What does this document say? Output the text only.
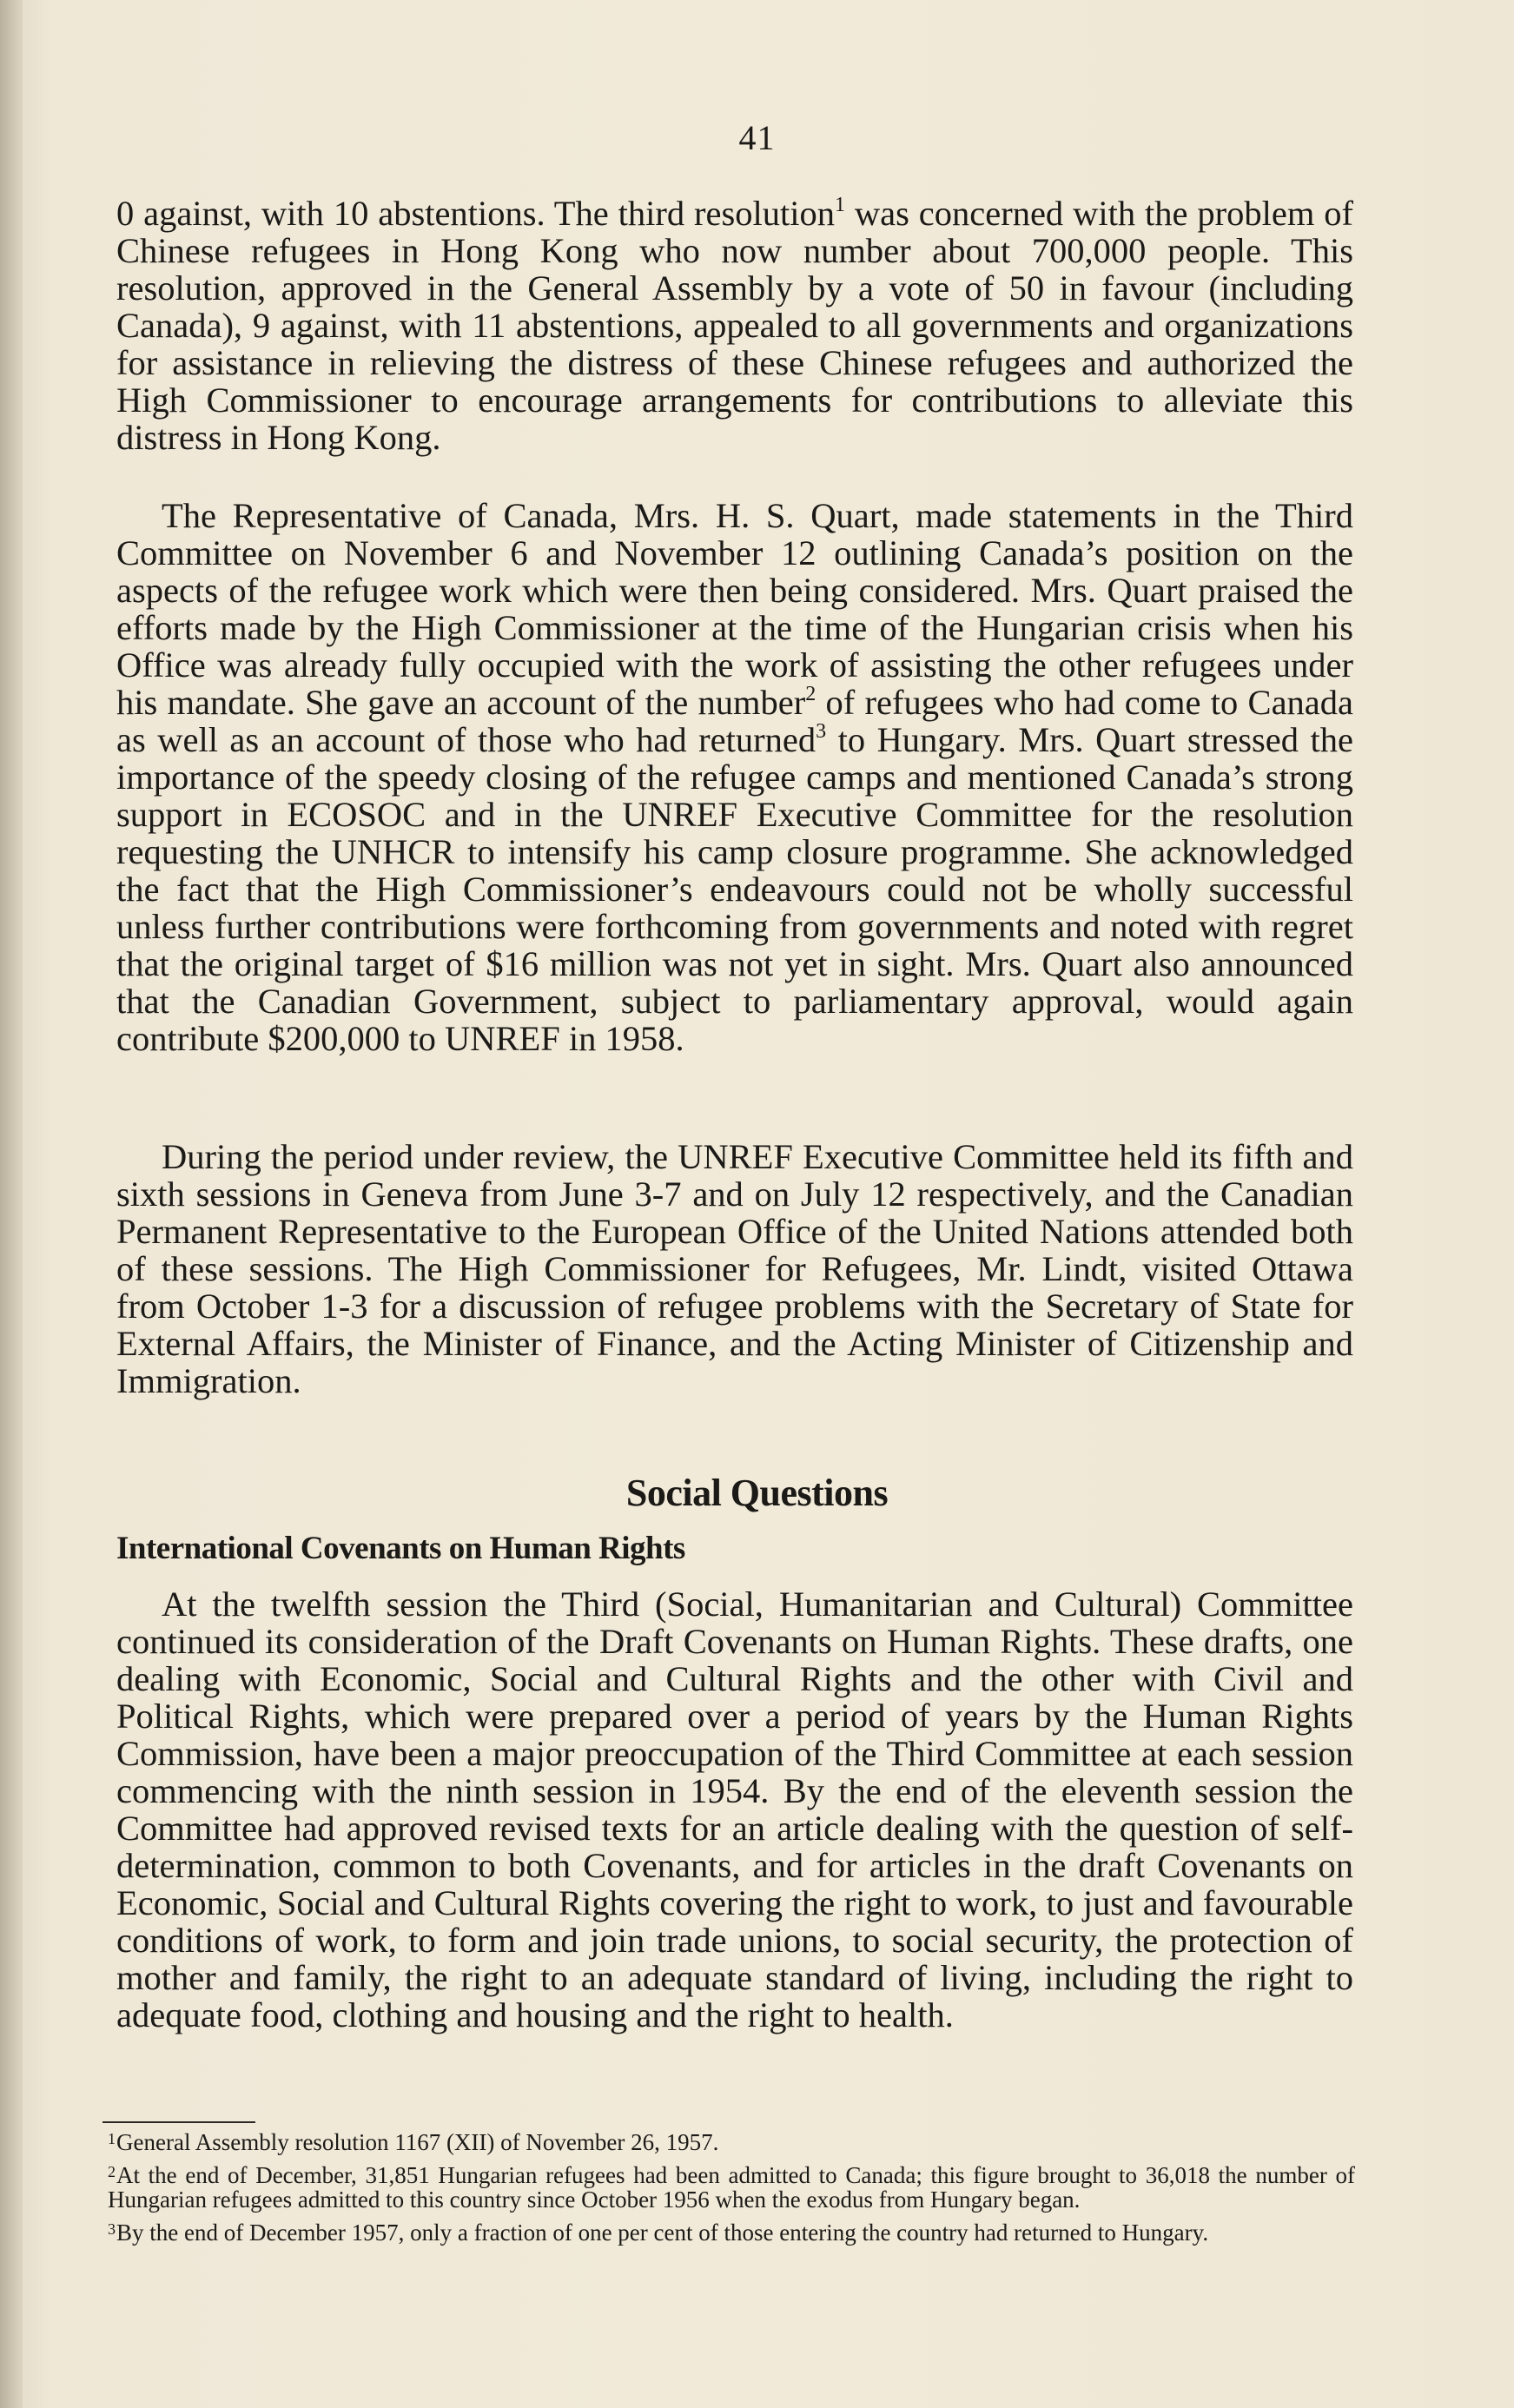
41

0 against, with 10 abstentions. The third resolution$^1$ was concerned with the problem of Chinese refugees in Hong Kong who now number about 700,000 people. This resolution, approved in the General Assembly by a vote of 50 in favour (including Canada), 9 against, with 11 abstentions, appealed to all governments and organizations for assistance in relieving the distress of these Chinese refugees and authorized the High Commissioner to encourage arrangements for contributions to alleviate this distress in Hong Kong.

The Representative of Canada, Mrs. H. S. Quart, made statements in the Third Committee on November 6 and November 12 outlining Canada’s position on the aspects of the refugee work which were then being considered. Mrs. Quart praised the efforts made by the High Commissioner at the time of the Hungarian crisis when his Office was already fully occupied with the work of assisting the other refugees under his mandate. She gave an account of the number$^2$ of refugees who had come to Canada as well as an account of those who had returned$^3$ to Hungary. Mrs. Quart stressed the importance of the speedy closing of the refugee camps and mentioned Canada’s strong support in ECOSOC and in the UNREF Executive Committee for the resolution requesting the UNHCR to intensify his camp closure programme. She acknowledged the fact that the High Commissioner’s endeavours could not be wholly successful unless further contributions were forthcoming from governments and noted with regret that the original target of $16 million was not yet in sight. Mrs. Quart also announced that the Canadian Government, subject to parliamentary approval, would again contribute $200,000 to UNREF in 1958.

During the period under review, the UNREF Executive Committee held its fifth and sixth sessions in Geneva from June 3-7 and on July 12 respectively, and the Canadian Permanent Representative to the European Office of the United Nations attended both of these sessions. The High Commissioner for Refugees, Mr. Lindt, visited Ottawa from October 1-3 for a discussion of refugee problems with the Secretary of State for External Affairs, the Minister of Finance, and the Acting Minister of Citizenship and Immigration.

Social Questions
International Covenants on Human Rights

At the twelfth session the Third (Social, Humanitarian and Cultural) Committee continued its consideration of the Draft Covenants on Human Rights. These drafts, one dealing with Economic, Social and Cultural Rights and the other with Civil and Political Rights, which were prepared over a period of years by the Human Rights Commission, have been a major preoccupation of the Third Committee at each session commencing with the ninth session in 1954. By the end of the eleventh session the Committee had approved revised texts for an article dealing with the question of self-determination, common to both Covenants, and for articles in the draft Covenants on Economic, Social and Cultural Rights covering the right to work, to just and favourable conditions of work, to form and join trade unions, to social security, the protection of mother and family, the right to an adequate standard of living, including the right to adequate food, clothing and housing and the right to health.

$^1$General Assembly resolution 1167 (XII) of November 26, 1957.

$^2$At the end of December, 31,851 Hungarian refugees had been admitted to Canada; this figure brought to 36,018 the number of Hungarian refugees admitted to this country since October 1956 when the exodus from Hungary began.

$^3$By the end of December 1957, only a fraction of one per cent of those entering the country had returned to Hungary.
